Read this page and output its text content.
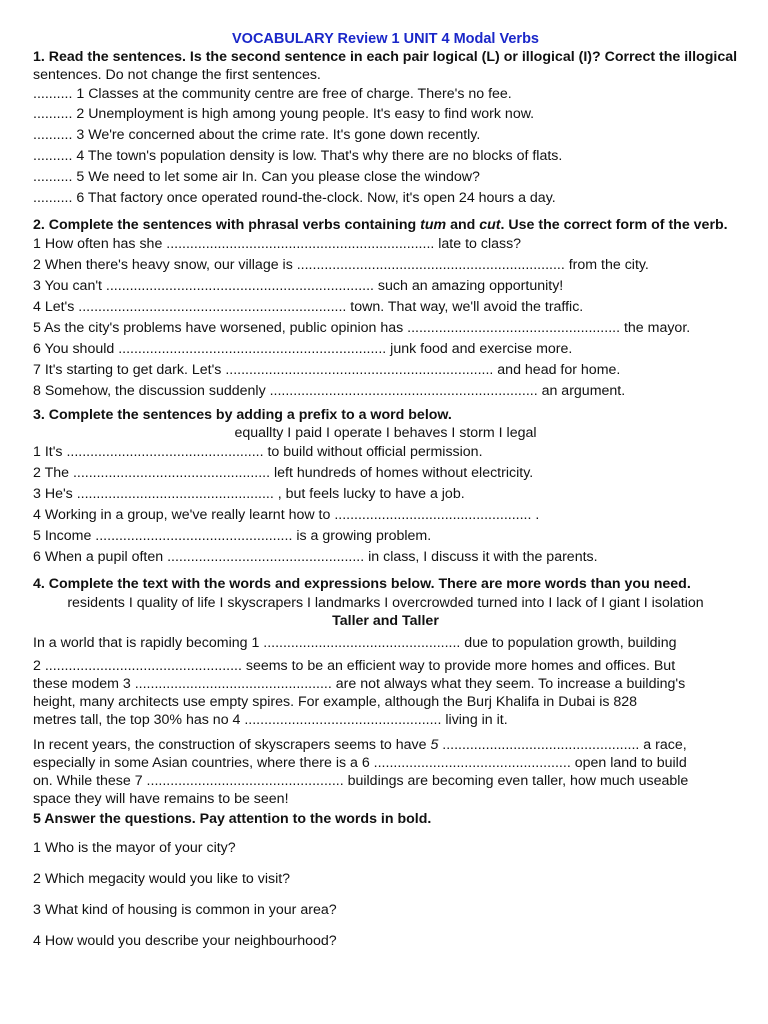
VOCABULARY Review 1 UNIT 4 Modal Verbs

1. Read the sentences. Is the second sentence in each pair logical (L) or illogical (I)? Correct the illogical sentences. Do not change the first sentences.

.......... 1 Classes at the community centre are free of charge. There's no fee.

.......... 2 Unemployment is high among young people. It's easy to find work now.

.......... 3 We're concerned about the crime rate. It's gone down recently.

.......... 4 The town's population density is low. That's why there are no blocks of flats.

.......... 5 We need to let some air In. Can you please close the window?

.......... 6 That factory once operated round-the-clock. Now, it's open 24 hours a day.

2. Complete the sentences with phrasal verbs containing tum and cut. Use the correct form of the verb.

1 How often has she .................................................................... late to class?

2 When there's heavy snow, our village is .................................................................... from the city.

3 You can't .................................................................... such an amazing opportunity!

4 Let's .................................................................... town. That way, we'll avoid the traffic.

5 As the city's problems have worsened, public opinion has ...................................................... the mayor.

6 You should .................................................................... junk food and exercise more.

7 It's starting to get dark. Let's .................................................................... and head for home.

8 Somehow, the discussion suddenly .................................................................... an argument.

3. Complete the sentences by adding a prefix to a word below.

equallty I paid I operate I behaves I storm I legal

1 It's .................................................. to build without official permission.

2 The .................................................. left hundreds of homes without electricity.

3 He's .................................................. , but feels lucky to have a job.

4 Working in a group, we've really learnt how to .................................................. .

5 Income .................................................. is a growing problem.

6 When a pupil often .................................................. in class, I discuss it with the parents.

4. Complete the text with the words and expressions below. There are more words than you need.

residents I quality of life I skyscrapers I landmarks I overcrowded turned into I lack of I giant I isolation

Taller and Taller

In a world that is rapidly becoming 1 .................................................. due to population growth, building

2 .................................................. seems to be an efficient way to provide more homes and offices. But

these modem 3 .................................................. are not always what they seem. To increase a building's

height, many architects use empty spires. For example, although the Burj Khalifa in Dubai is 828

metres tall, the top 30% has no 4 .................................................. living in it.

In recent years, the construction of skyscrapers seems to have 5 .................................................. a race,

especially in some Asian countries, where there is a 6 .................................................. open land to build

on. While these 7 .................................................. buildings are becoming even taller, how much useable

space they will have remains to be seen!

5 Answer the questions. Pay attention to the words in bold.

1 Who is the mayor of your city?

2 Which megacity would you like to visit?

3 What kind of housing is common in your area?

4 How would you describe your neighbourhood?
